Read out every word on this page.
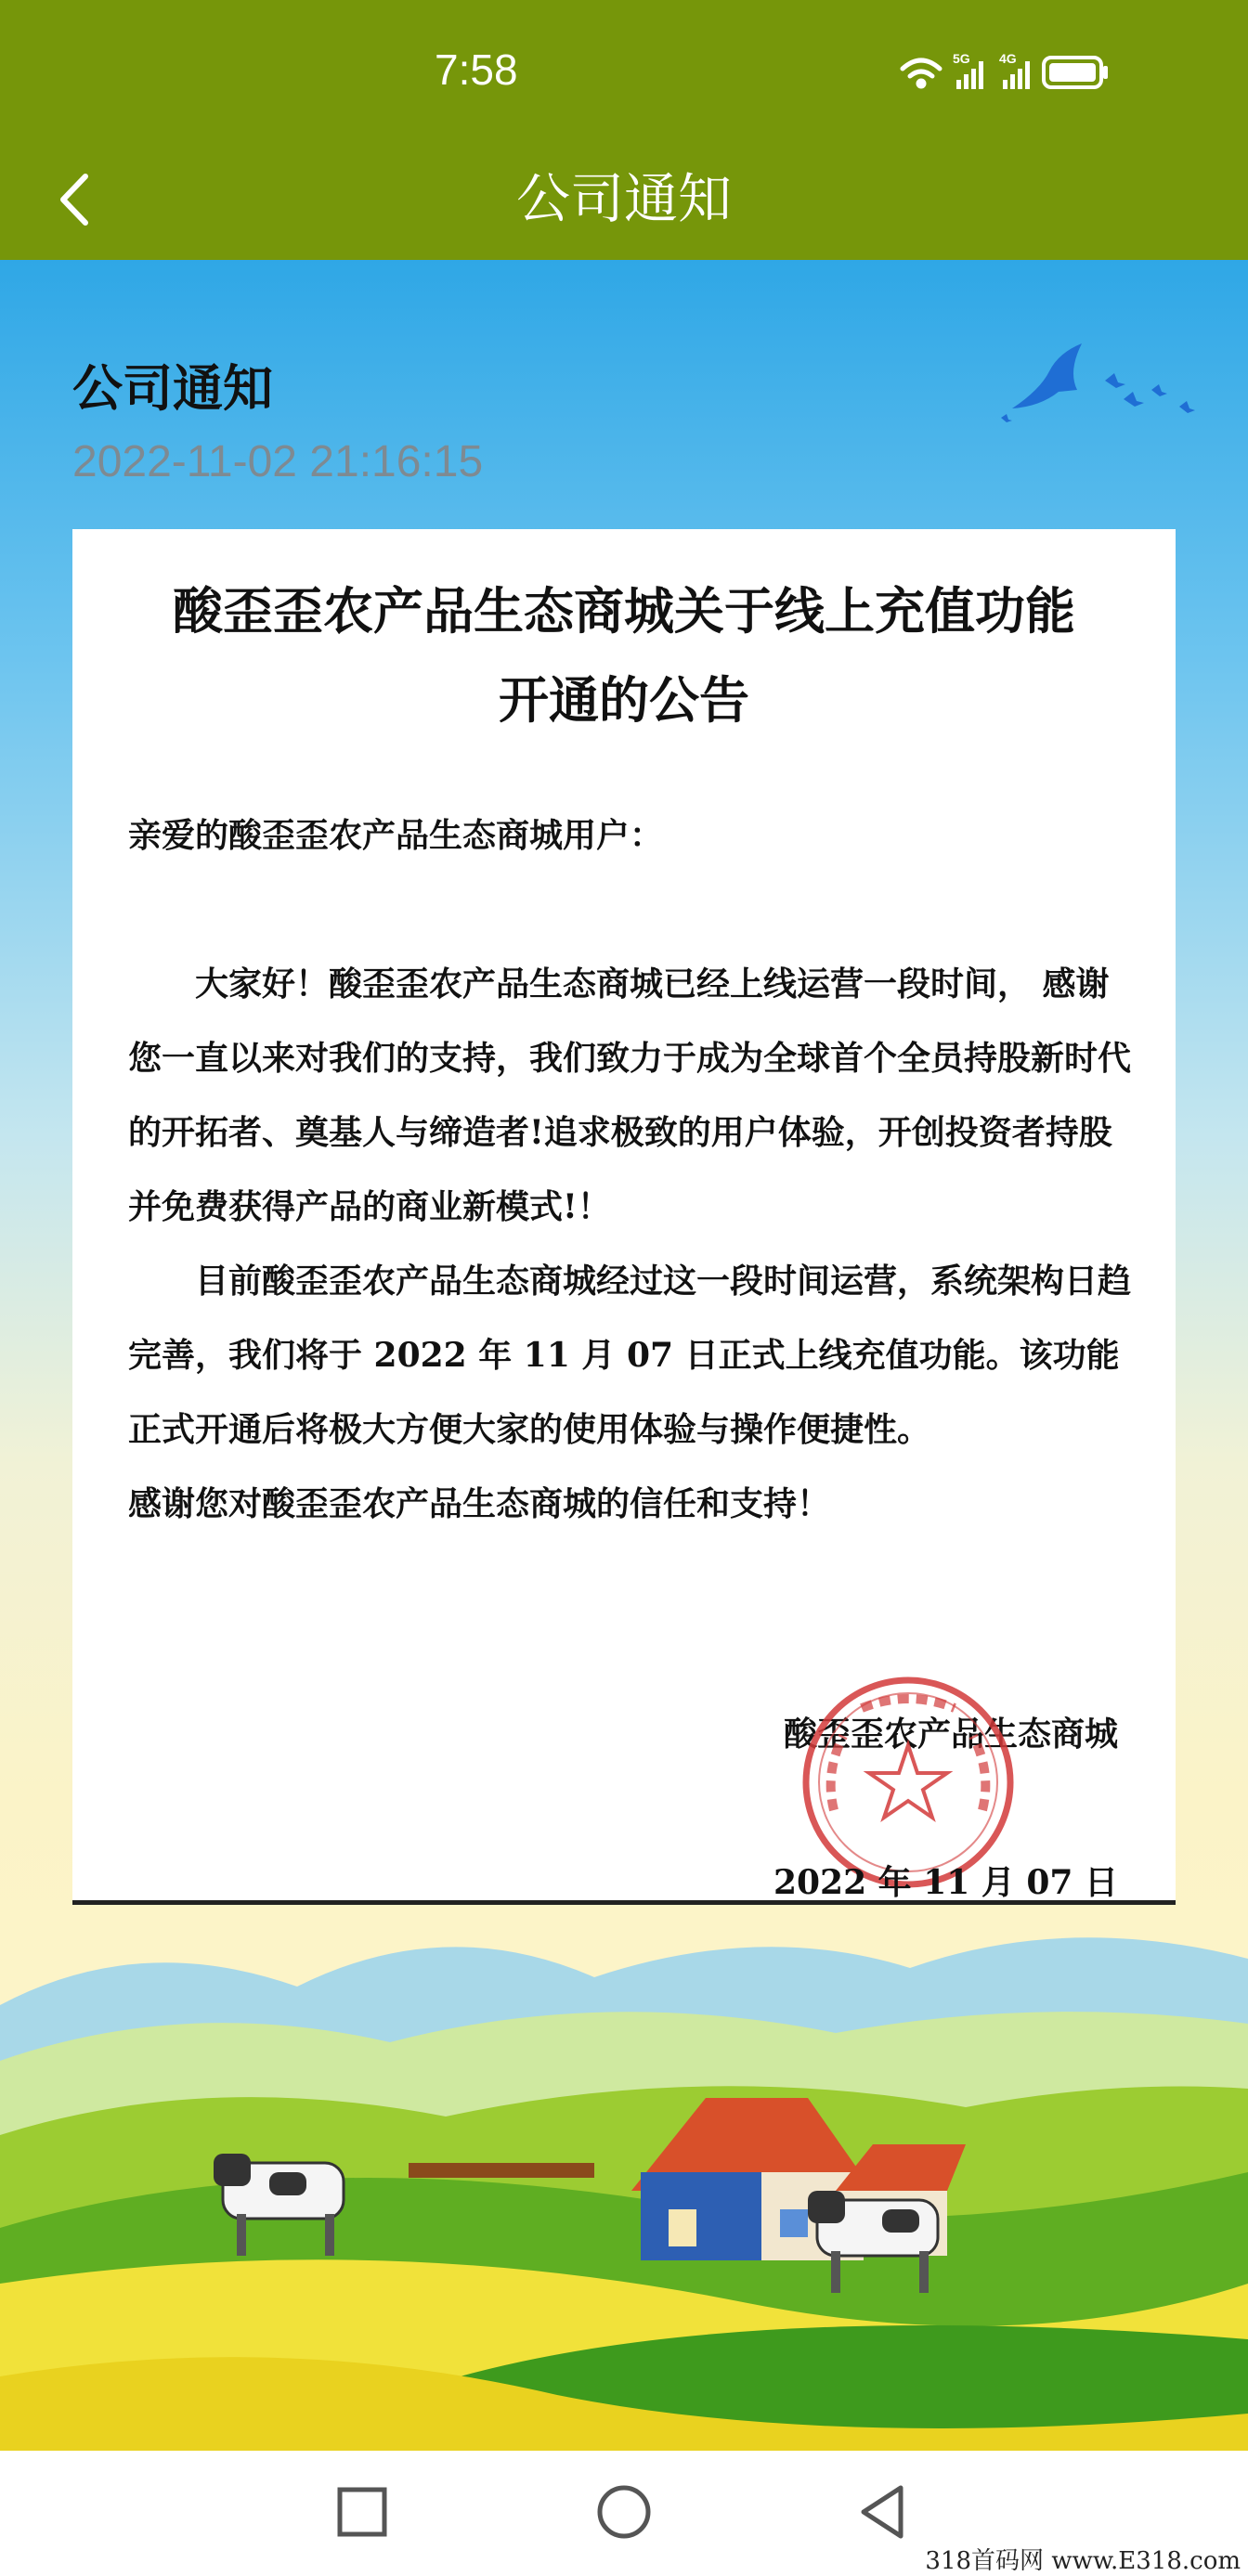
7:58	5G 4G
公司通知
公司通知
2022-11-02 21:16:15
酸歪歪农产品生态商城关于线上充值功能
开通的公告
亲爱的酸歪歪农产品生态商城用户：
大家好！酸歪歪农产品生态商城已经上线运营一段时间， 感谢您一直以来对我们的支持，我们致力于成为全球首个全员持股新时代的开拓者、奠基人与缔造者!追求极致的用户体验，开创投资者持股并免费获得产品的商业新模式!！
目前酸歪歪农产品生态商城经过这一段时间运营，系统架构日趋完善，我们将于 2022 年 11 月 07 日正式上线充值功能。该功能正式开通后将极大方便大家的使用体验与操作便捷性。
感谢您对酸歪歪农产品生态商城的信任和支持！
酸歪歪农产品生态商城
2022 年 11 月 07 日
318首码网 www.E318.com
